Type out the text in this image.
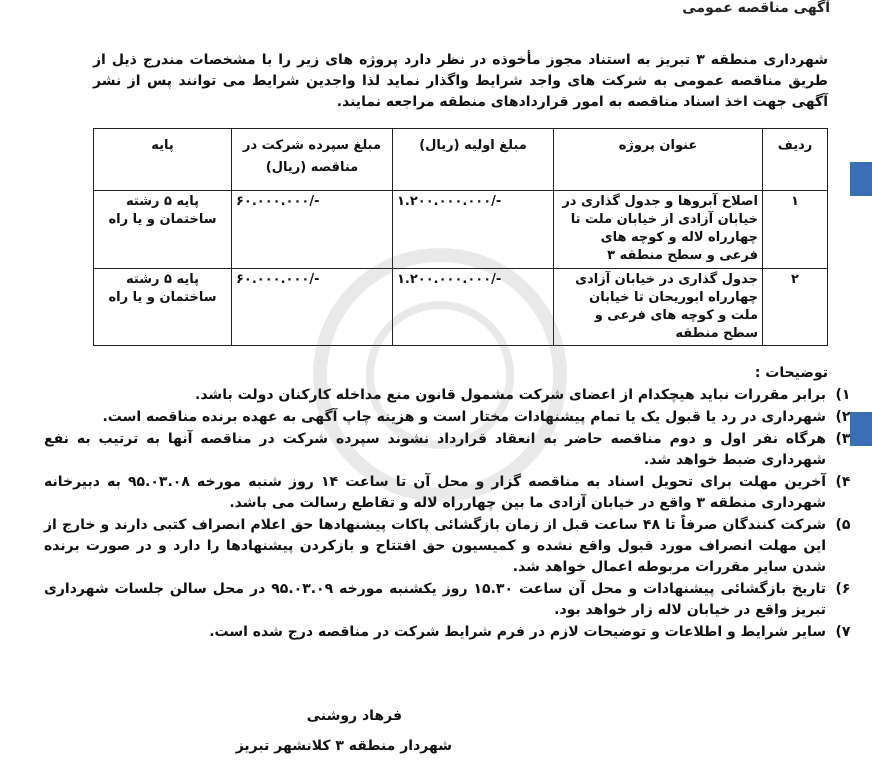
آگهی مناقصه عمومی
شهرداری منطقه ۳ تبریز به استناد مجوز مأخوذه در نظر دارد پروژه های زیر را با مشخصات مندرج ذیل از طریق مناقصه عمومی به شرکت های واجد شرایط واگذار نماید لذا واجدین شرایط می توانند پس از نشر آگهی جهت اخذ اسناد مناقصه به امور قراردادهای منطقه مراجعه نمایند.
ردیف	عنوان پروژه	مبلغ اولیه (ریال)	مبلغ سپرده شرکت در مناقصه (ریال)	پایه
۱	اصلاح آبروها و جدول گذاری در خیابان آزادی از خیابان ملت تا چهارراه لاله و کوچه های فرعی و سطح منطقه ۳	۱.۲۰۰.۰۰۰.۰۰۰/-	۶۰.۰۰۰.۰۰۰/-	پایه ۵ رشته ساختمان و یا راه
۲	جدول گذاری در خیابان آزادی چهارراه ابوریحان تا خیابان ملت و کوچه های فرعی و سطح منطقه	۱.۲۰۰.۰۰۰.۰۰۰/-	۶۰.۰۰۰.۰۰۰/-	پایه ۵ رشته ساختمان و یا راه
توضیحات :
۱)
برابر مقررات نباید هیچکدام از اعضای شرکت مشمول قانون منع مداخله کارکنان دولت باشد.
۲)
شهرداری در رد یا قبول یک یا تمام پیشنهادات مختار است و هزینه چاپ آگهی به عهده برنده مناقصه است.
۳)
هرگاه نفر اول و دوم مناقصه حاضر به انعقاد قرارداد نشوند سپرده شرکت در مناقصه آنها به ترتیب به نفع شهرداری ضبط خواهد شد.
۴)
آخرین مهلت برای تحویل اسناد به مناقصه گزار و محل آن تا ساعت ۱۴ روز شنبه مورخه ۹۵.۰۳.۰۸ به دبیرخانه شهرداری منطقه ۳ واقع در خیابان آزادی ما بین چهارراه لاله و تقاطع رسالت می باشد.
۵)
شرکت کنندگان صرفاً تا ۴۸ ساعت قبل از زمان بازگشائی پاکات پیشنهادها حق اعلام انصراف کتبی دارند و خارج از این مهلت انصراف مورد قبول واقع نشده و کمیسیون حق افتتاح و بازکردن پیشنهادها را دارد و در صورت برنده شدن سایر مقررات مربوطه اعمال خواهد شد.
۶)
تاریخ بازگشائی پیشنهادات و محل آن ساعت ۱۵.۳۰ روز یکشنبه مورخه ۹۵.۰۳.۰۹ در محل سالن جلسات شهرداری تبریز واقع در خیابان لاله زار خواهد بود.
۷)
سایر شرایط و اطلاعات و توضیحات لازم در فرم شرایط شرکت در مناقصه درج شده است.
فرهاد روشنی
شهردار منطقه ۳ کلانشهر تبریز
